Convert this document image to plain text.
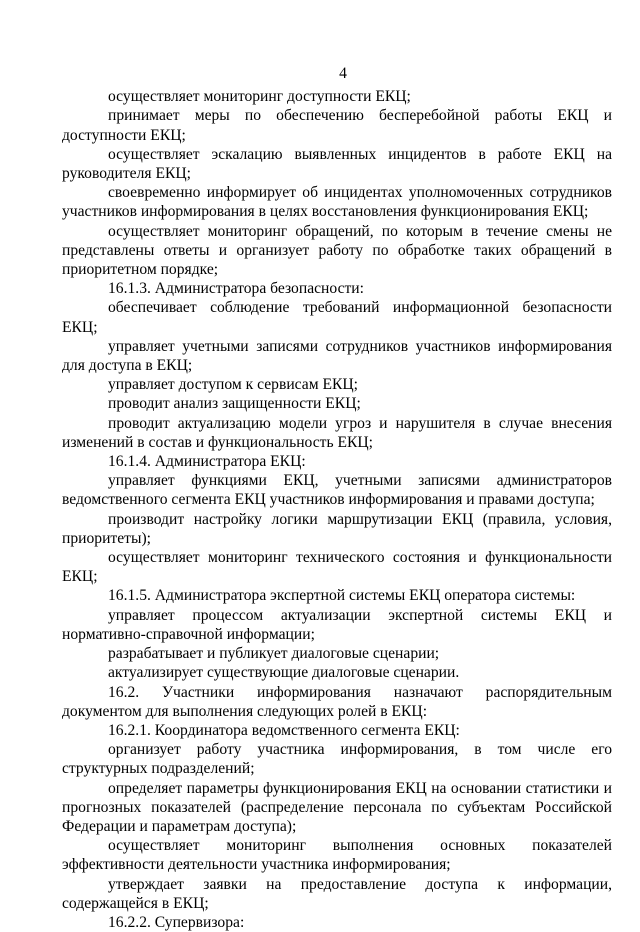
4

осуществляет мониторинг доступности ЕКЦ;

принимает меры по обеспечению бесперебойной работы ЕКЦ и доступности ЕКЦ;

осуществляет эскалацию выявленных инцидентов в работе ЕКЦ на руководителя ЕКЦ;

своевременно информирует об инцидентах уполномоченных сотрудников участников информирования в целях восстановления функционирования ЕКЦ;

осуществляет мониторинг обращений, по которым в течение смены не представлены ответы и организует работу по обработке таких обращений в приоритетном порядке;

16.1.3. Администратора безопасности:

обеспечивает соблюдение требований информационной безопасности ЕКЦ;

управляет учетными записями сотрудников участников информирования для доступа в ЕКЦ;

управляет доступом к сервисам ЕКЦ;

проводит анализ защищенности ЕКЦ;

проводит актуализацию модели угроз и нарушителя в случае внесения изменений в состав и функциональность ЕКЦ;

16.1.4. Администратора ЕКЦ:

управляет функциями ЕКЦ, учетными записями администраторов ведомственного сегмента ЕКЦ участников информирования и правами доступа;

производит настройку логики маршрутизации ЕКЦ (правила, условия, приоритеты);

осуществляет мониторинг технического состояния и функциональности ЕКЦ;

16.1.5. Администратора экспертной системы ЕКЦ оператора системы:

управляет процессом актуализации экспертной системы ЕКЦ и нормативно-справочной информации;

разрабатывает и публикует диалоговые сценарии;

актуализирует существующие диалоговые сценарии.

16.2. Участники информирования назначают распорядительным документом для выполнения следующих ролей в ЕКЦ:

16.2.1. Координатора ведомственного сегмента ЕКЦ:

организует работу участника информирования, в том числе его структурных подразделений;

определяет параметры функционирования ЕКЦ на основании статистики и прогнозных показателей (распределение персонала по субъектам Российской Федерации и параметрам доступа);

осуществляет мониторинг выполнения основных показателей эффективности деятельности участника информирования;

утверждает заявки на предоставление доступа к информации, содержащейся в ЕКЦ;

16.2.2. Супервизора:
